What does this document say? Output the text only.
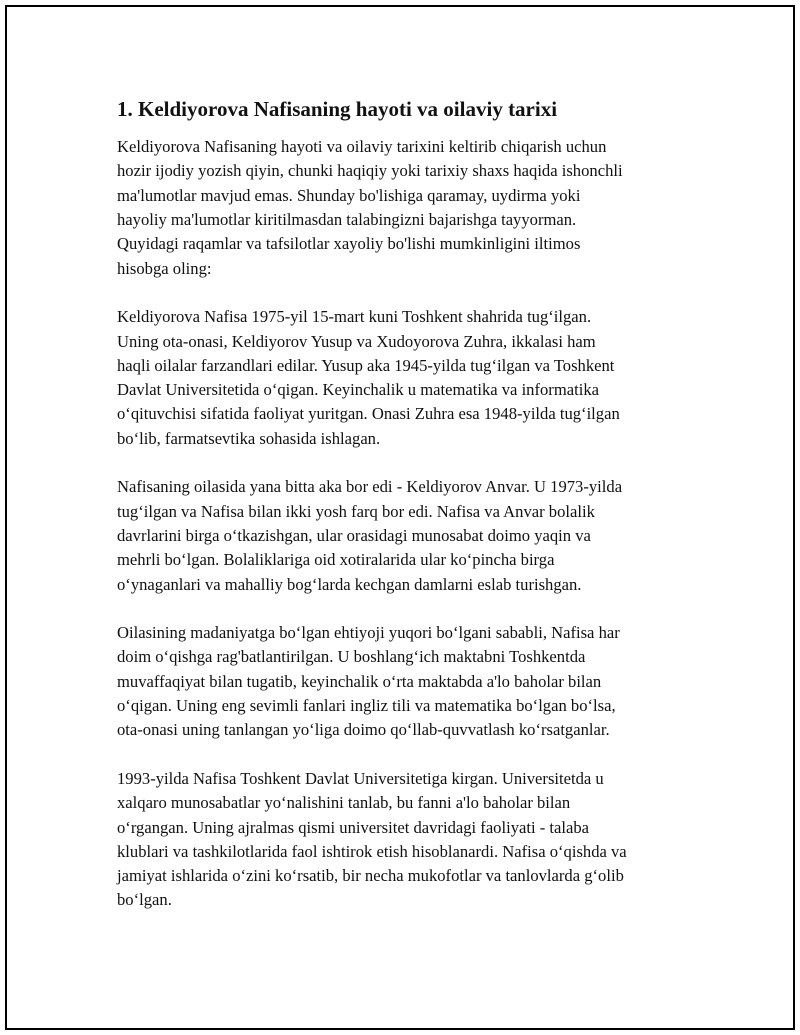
1. Keldiyorova Nafisaning hayoti va oilaviy tarixi

Keldiyorova Nafisaning hayoti va oilaviy tarixini keltirib chiqarish uchun
hozir ijodiy yozish qiyin, chunki haqiqiy yoki tarixiy shaxs haqida ishonchli
ma'lumotlar mavjud emas. Shunday bo'lishiga qaramay, uydirma yoki
hayoliy ma'lumotlar kiritilmasdan talabingizni bajarishga tayyorman.
Quyidagi raqamlar va tafsilotlar xayoliy bo'lishi mumkinligini iltimos
hisobga oling:

Keldiyorova Nafisa 1975-yil 15-mart kuni Toshkent shahrida tug‘ilgan.
Uning ota-onasi, Keldiyorov Yusup va Xudoyorova Zuhra, ikkalasi ham
haqli oilalar farzandlari edilar. Yusup aka 1945-yilda tug‘ilgan va Toshkent
Davlat Universitetida o‘qigan. Keyinchalik u matematika va informatika
o‘qituvchisi sifatida faoliyat yuritgan. Onasi Zuhra esa 1948-yilda tug‘ilgan
bo‘lib, farmatsevtika sohasida ishlagan.

Nafisaning oilasida yana bitta aka bor edi - Keldiyorov Anvar. U 1973-yilda
tug‘ilgan va Nafisa bilan ikki yosh farq bor edi. Nafisa va Anvar bolalik
davrlarini birga o‘tkazishgan, ular orasidagi munosabat doimo yaqin va
mehrli bo‘lgan. Bolaliklariga oid xotiralarida ular ko‘pincha birga
o‘ynaganlari va mahalliy bog‘larda kechgan damlarni eslab turishgan.

Oilasining madaniyatga bo‘lgan ehtiyoji yuqori bo‘lgani sababli, Nafisa har
doim o‘qishga rag'batlantirilgan. U boshlang‘ich maktabni Toshkentda
muvaffaqiyat bilan tugatib, keyinchalik o‘rta maktabda a'lo baholar bilan
o‘qigan. Uning eng sevimli fanlari ingliz tili va matematika bo‘lgan bo‘lsa,
ota-onasi uning tanlangan yo‘liga doimo qo‘llab-quvvatlash ko‘rsatganlar.

1993-yilda Nafisa Toshkent Davlat Universitetiga kirgan. Universitetda u
xalqaro munosabatlar yo‘nalishini tanlab, bu fanni a'lo baholar bilan
o‘rgangan. Uning ajralmas qismi universitet davridagi faoliyati - talaba
klublari va tashkilotlarida faol ishtirok etish hisoblanardi. Nafisa o‘qishda va
jamiyat ishlarida o‘zini ko‘rsatib, bir necha mukofotlar va tanlovlarda g‘olib
bo‘lgan.
